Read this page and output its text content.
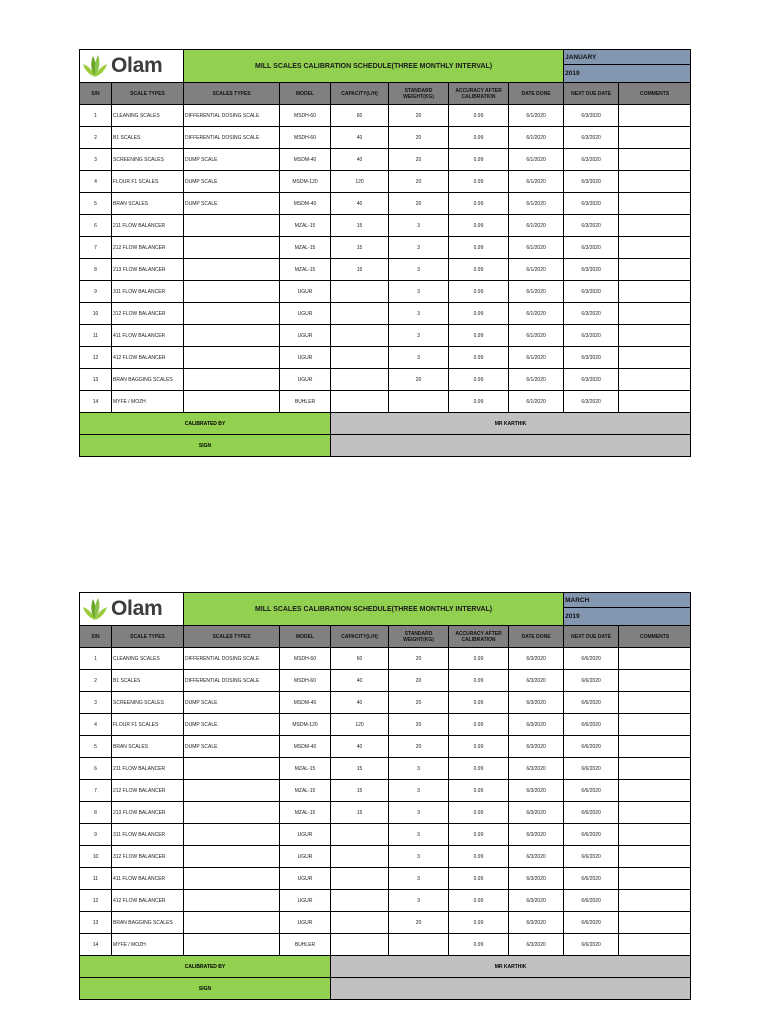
Olam		MILL SCALES CALIBRATION SCHEDULE(THREE MONTHLY INTERVAL)						JANUARY	
								2019	
S/N	SCALE TYPES	SCALES TYPES	MODEL	CAPACITY(L/H)	STANDARD WEIGHT(KG)	ACCURACY AFTER CALIBRATION	DATE DONE	NEXT DUE DATE	COMMENTS
1	CLEANING SCALES	DIFFERENTIAL DOSING SCALE	MSDH-60	60	20	0.99	6/1/2020	6/3/2020	
2	B1 SCALES	DIFFERENTIAL DOSING SCALE	MSDH-60	40	20	0.99	6/1/2020	6/3/2020	
3	SCREENING SCALES	DUMP SCALE	MSDM-40	40	20	0.99	6/1/2020	6/3/2020	
4	FLOUR F1 SCALES	DUMP SCALE	MSDM-120	120	20	0.99	6/1/2020	6/3/2020	
5	BRAN SCALES	DUMP SCALE	MSDM-40	40	20	0.99	6/1/2020	6/3/2020	
6	211 FLOW BALANCER		MZAL-15	15	3	0.99	6/1/2020	6/3/2020	
7	212 FLOW BALANCER		MZAL-15	15	3	0.99	6/1/2020	6/3/2020	
8	213 FLOW BALANCER		MZAL-15	15	3	0.99	6/1/2020	6/3/2020	
9	311 FLOW BALANCER		UGUR		3	0.99	6/1/2020	6/3/2020	
10	312 FLOW BALANCER		UGUR		3	0.99	6/1/2020	6/3/2020	
11	411 FLOW BALANCER		UGUR		3	0.99	6/1/2020	6/3/2020	
12	412 FLOW BALANCER		UGUR		3	0.99	6/1/2020	6/3/2020	
13	BRAN BAGGING SCALES		UGUR		20	0.99	6/1/2020	6/3/2020	
14	MYFE / MOZH		BUHLER			0.99	6/1/2020	6/3/2020	
CALIBRATED BY				MR KARTHIK					
SIGN									
Olam		MILL SCALES CALIBRATION SCHEDULE(THREE MONTHLY INTERVAL)						MARCH	
								2019	
S/N	SCALE TYPES	SCALES TYPES	MODEL	CAPACITY(L/H)	STANDARD WEIGHT(KG)	ACCURACY AFTER CALIBRATION	DATE DONE	NEXT DUE DATE	COMMENTS
1	CLEANING SCALES	DIFFERENTIAL DOSING SCALE	MSDH-60	60	20	0.99	6/3/2020	6/6/2020	
2	B1 SCALES	DIFFERENTIAL DOSING SCALE	MSDH-60	40	20	0.99	6/3/2020	6/6/2020	
3	SCREENING SCALES	DUMP SCALE	MSDM-40	40	20	0.99	6/3/2020	6/6/2020	
4	FLOUR F1 SCALES	DUMP SCALE	MSDM-120	120	20	0.99	6/3/2020	6/6/2020	
5	BRAN SCALES	DUMP SCALE	MSDM-40	40	20	0.99	6/3/2020	6/6/2020	
6	211 FLOW BALANCER		MZAL-15	15	3	0.99	6/3/2020	6/6/2020	
7	212 FLOW BALANCER		MZAL-15	15	3	0.99	6/3/2020	6/6/2020	
8	213 FLOW BALANCER		MZAL-15	15	3	0.99	6/3/2020	6/6/2020	
9	311 FLOW BALANCER		UGUR		3	0.99	6/3/2020	6/6/2020	
10	312 FLOW BALANCER		UGUR		3	0.99	6/3/2020	6/6/2020	
11	411 FLOW BALANCER		UGUR		3	0.99	6/3/2020	6/6/2020	
12	412 FLOW BALANCER		UGUR		3	0.99	6/3/2020	6/6/2020	
13	BRAN BAGGING SCALES		UGUR		20	0.99	6/3/2020	6/6/2020	
14	MYFE / MOZH		BUHLER			0.99	6/3/2020	6/6/2020	
CALIBRATED BY				MR KARTHIK					
SIGN									
